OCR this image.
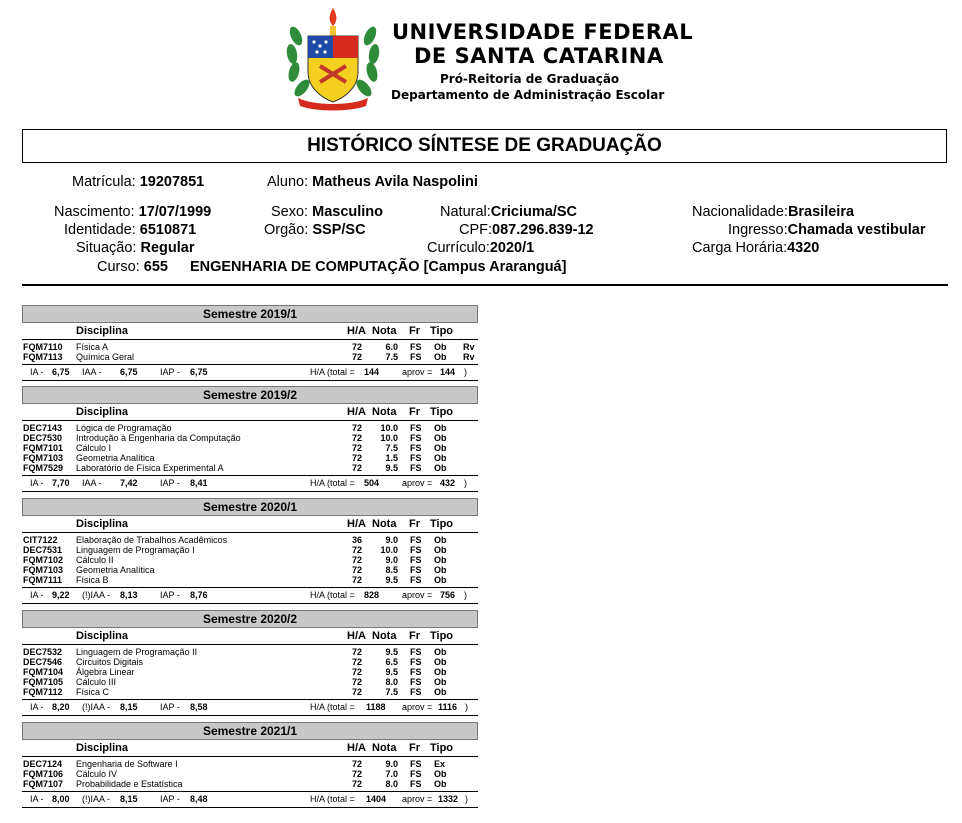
UNIVERSIDADE FEDERAL
DE SANTA CATARINA
Pró-Reitoria de Graduação
Departamento de Administração Escolar
HISTÓRICO SÍNTESE DE GRADUAÇÃO
Matrícula: 19207851	Aluno: Matheus Avila Naspolini
Nascimento: 17/07/1999	Sexo: Masculino	Natural:Criciuma/SC	Nacionalidade:Brasileira
Identidade: 6510871	Orgão: SSP/SC	CPF:087.296.839-12	Ingresso:Chamada vestibular
Situação: Regular	Currículo:2020/1	Carga Horária:4320
Curso: 655 ENGENHARIA DE COMPUTAÇÃO [Campus Araranguá]
Semestre 2019/1
Disciplina	H/A Nota Fr Tipo
FQM7110 Física A	72	6.0 FS Ob Rv
FQM7113 Química Geral	72	7.5 FS Ob Rv
IA - 6,75 IAA - 6,75 IAP - 6,75	H/A (total = 144	aprov = 144 )
Semestre 2019/2
Disciplina	H/A Nota Fr Tipo
DEC7143 Lógica de Programação	72	10.0 FS Ob
DEC7530 Introdução à Engenharia da Computação	72	10.0 FS Ob
FQM7101 Cálculo I	72	7.5 FS Ob
FQM7103 Geometria Analítica	72	1.5 FS Ob
FQM7529 Laboratório de Física Experimental A	72	9.5 FS Ob
IA - 7,70 IAA - 7,42 IAP - 8,41	H/A (total = 504	aprov = 432 )
Semestre 2020/1
Disciplina	H/A Nota Fr Tipo
CIT7122 Elaboração de Trabalhos Acadêmicos	36	9.0 FS Ob
DEC7531 Linguagem de Programação I	72	10.0 FS Ob
FQM7102 Cálculo II	72	9.0 FS Ob
FQM7103 Geometria Analítica	72	8.5 FS Ob
FQM7111 Física B	72	9.5 FS Ob
IA - 9,22 (!)IAA - 8,13 IAP - 8,76	H/A (total = 828	aprov = 756 )
Semestre 2020/2
Disciplina	H/A Nota Fr Tipo
DEC7532 Linguagem de Programação II	72	9.5 FS Ob
DEC7546 Circuitos Digitais	72	6.5 FS Ob
FQM7104 Álgebra Linear	72	9.5 FS Ob
FQM7105 Cálculo III	72	8.0 FS Ob
FQM7112 Física C	72	7.5 FS Ob
IA - 8,20 (!)IAA - 8,15 IAP - 8,58	H/A (total = 1188 aprov = 1116 )
Semestre 2021/1
Disciplina	H/A Nota Fr Tipo
DEC7124 Engenharia de Software I	72	9.0 FS Ex
FQM7106 Cálculo IV	72	7.0 FS Ob
FQM7107 Probabilidade e Estatística	72	8.0 FS Ob
IA - 8,00 (!)IAA - 8,15 IAP - 8,48	H/A (total = 1404 aprov = 1332 )
